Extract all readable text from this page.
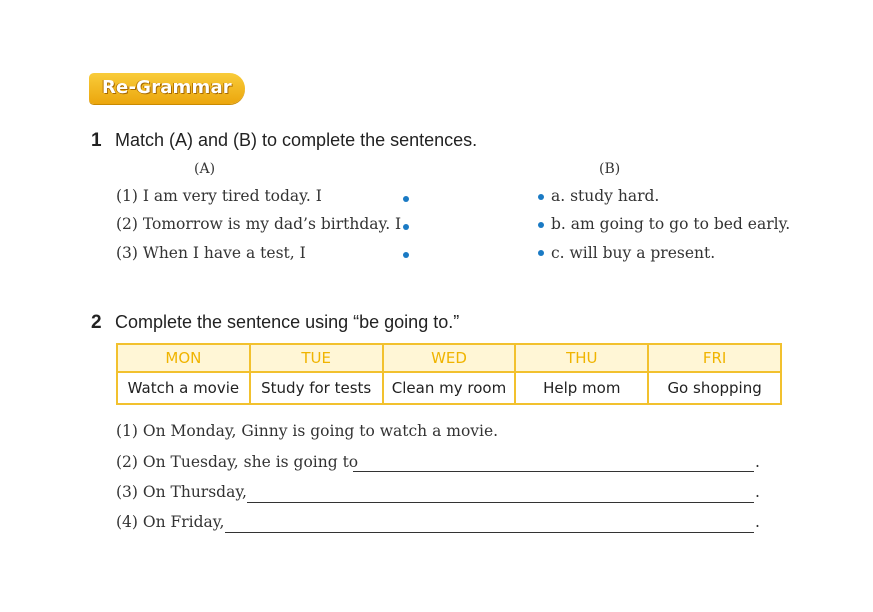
Re-Grammar
1 Match (A) and (B) to complete the sentences.
(A)	(B)
(1) I am very tired today. I
(2) Tomorrow is my dad’s birthday. I
(3) When I have a test, I
a. study hard.
b. am going to go to bed early.
c. will buy a present.
2 Complete the sentence using “be going to.”
MON	TUE	WED	THU	FRI
Watch a movie	Study for tests	Clean my room	Help mom	Go shopping
(1) On Monday, Ginny is going to watch a movie.
(2) On Tuesday, she is going to	.
(3) On Thursday,	.
(4) On Friday,	.
